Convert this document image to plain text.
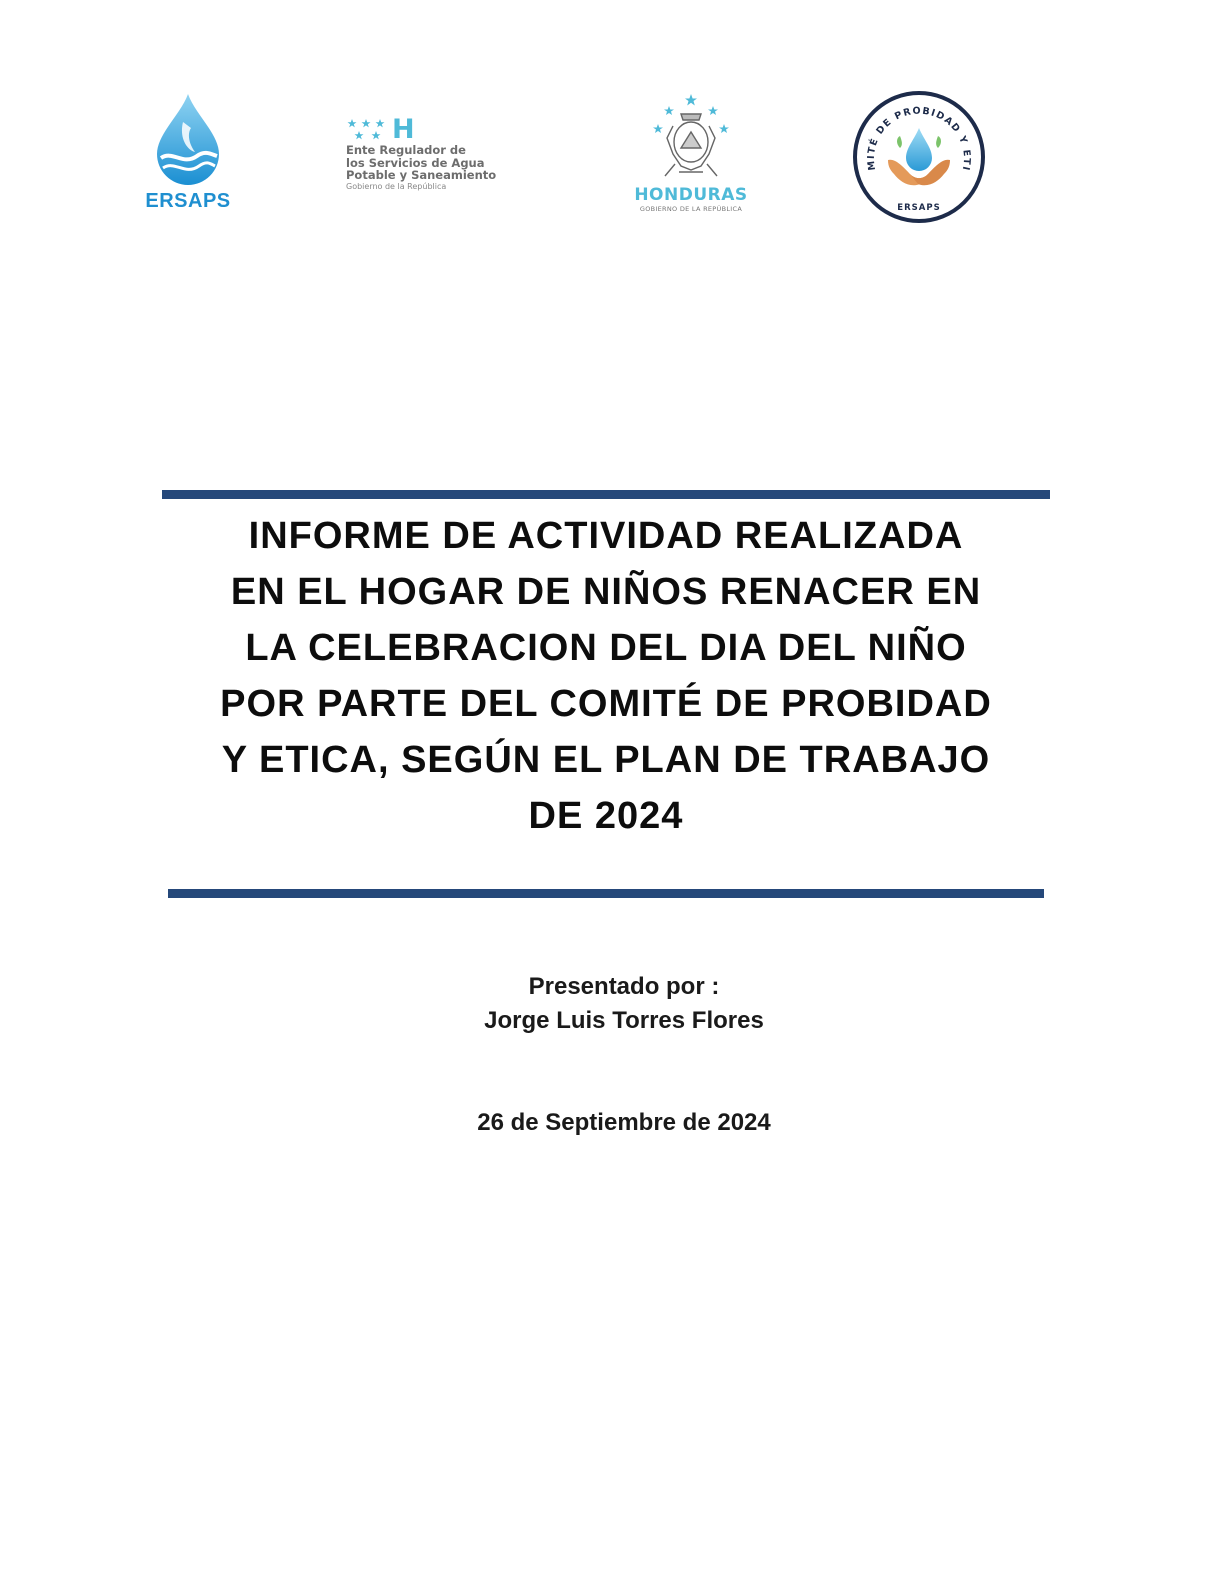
ERSAPS
H
Ente Regulador de
los Servicios de Agua
Potable y Saneamiento
Gobierno de la República	HONDURAS
GOBIERNO DE LA REPÚBLICA
MITÉ DE PROBIDAD Y ETI
ERSAPS
INFORME DE ACTIVIDAD REALIZADA
EN EL HOGAR DE NIÑOS RENACER EN
LA CELEBRACION DEL DIA DEL NIÑO
POR PARTE DEL COMITÉ DE PROBIDAD
Y ETICA, SEGÚN EL PLAN DE TRABAJO
DE 2024
Presentado por :
Jorge Luis Torres Flores
26 de Septiembre de 2024
